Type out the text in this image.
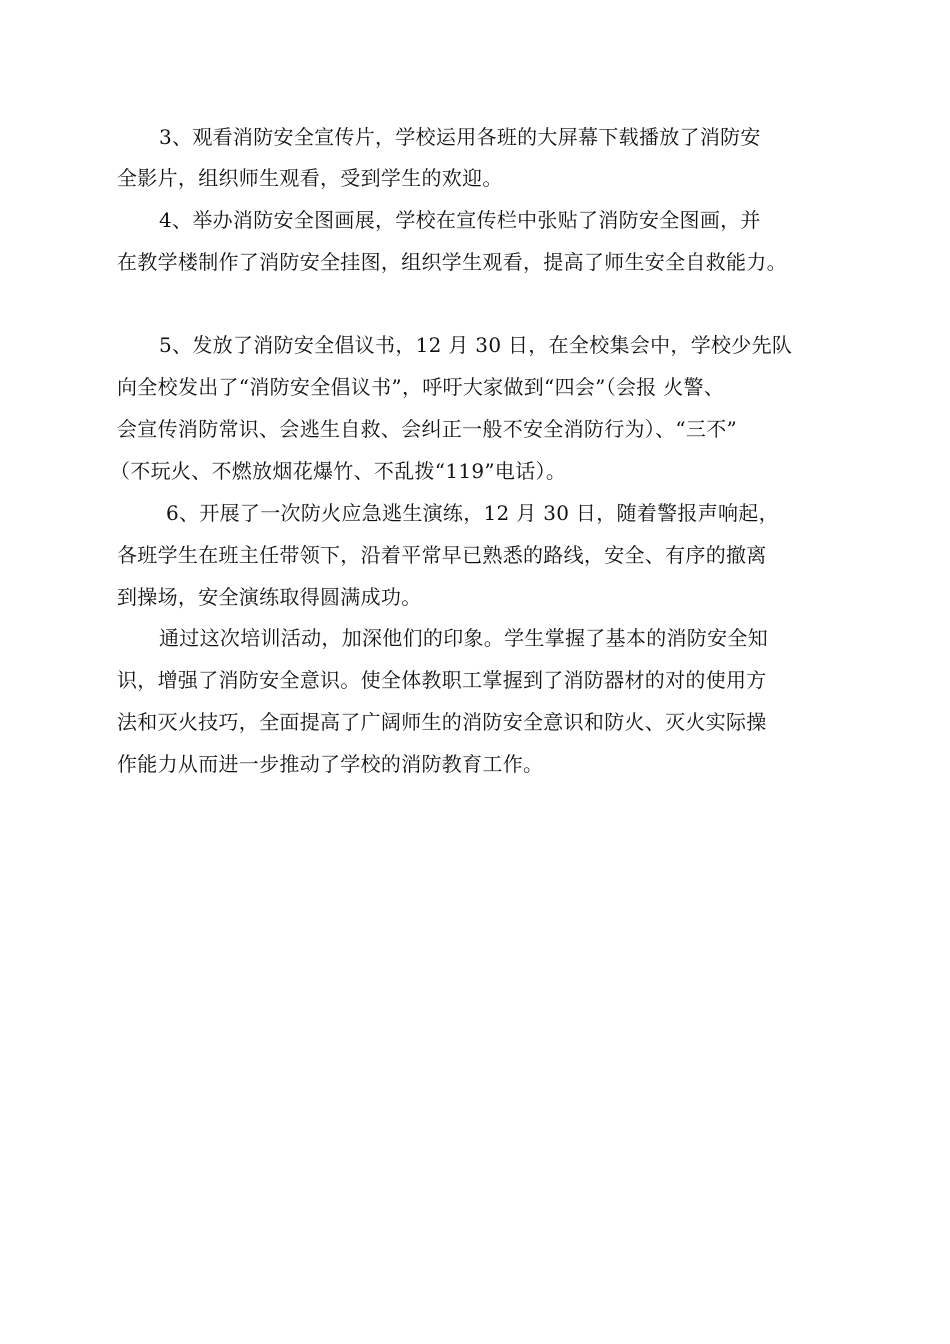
3、观看消防安全宣传片，学校运用各班的大屏幕下载播放了消防安
全影片，组织师生观看，受到学生的欢迎。
4、举办消防安全图画展，学校在宣传栏中张贴了消防安全图画，并
在教学楼制作了消防安全挂图，组织学生观看，提高了师生安全自救能力。
5、发放了消防安全倡议书，12 月 30 日，在全校集会中，学校少先队
向全校发出了“消防安全倡议书”，呼吁大家做到“四会”（会报 火警、
会宣传消防常识、会逃生自救、会纠正一般不安全消防行为）、“三不”
（不玩火、不燃放烟花爆竹、不乱拨“119”电话）。
6、开展了一次防火应急逃生演练，12 月 30 日，随着警报声响起，
各班学生在班主任带领下，沿着平常早已熟悉的路线，安全、有序的撤离
到操场，安全演练取得圆满成功。
通过这次培训活动，加深他们的印象。学生掌握了基本的消防安全知
识，增强了消防安全意识。使全体教职工掌握到了消防器材的对的使用方
法和灭火技巧，全面提高了广阔师生的消防安全意识和防火、灭火实际操
作能力从而进一步推动了学校的消防教育工作。
